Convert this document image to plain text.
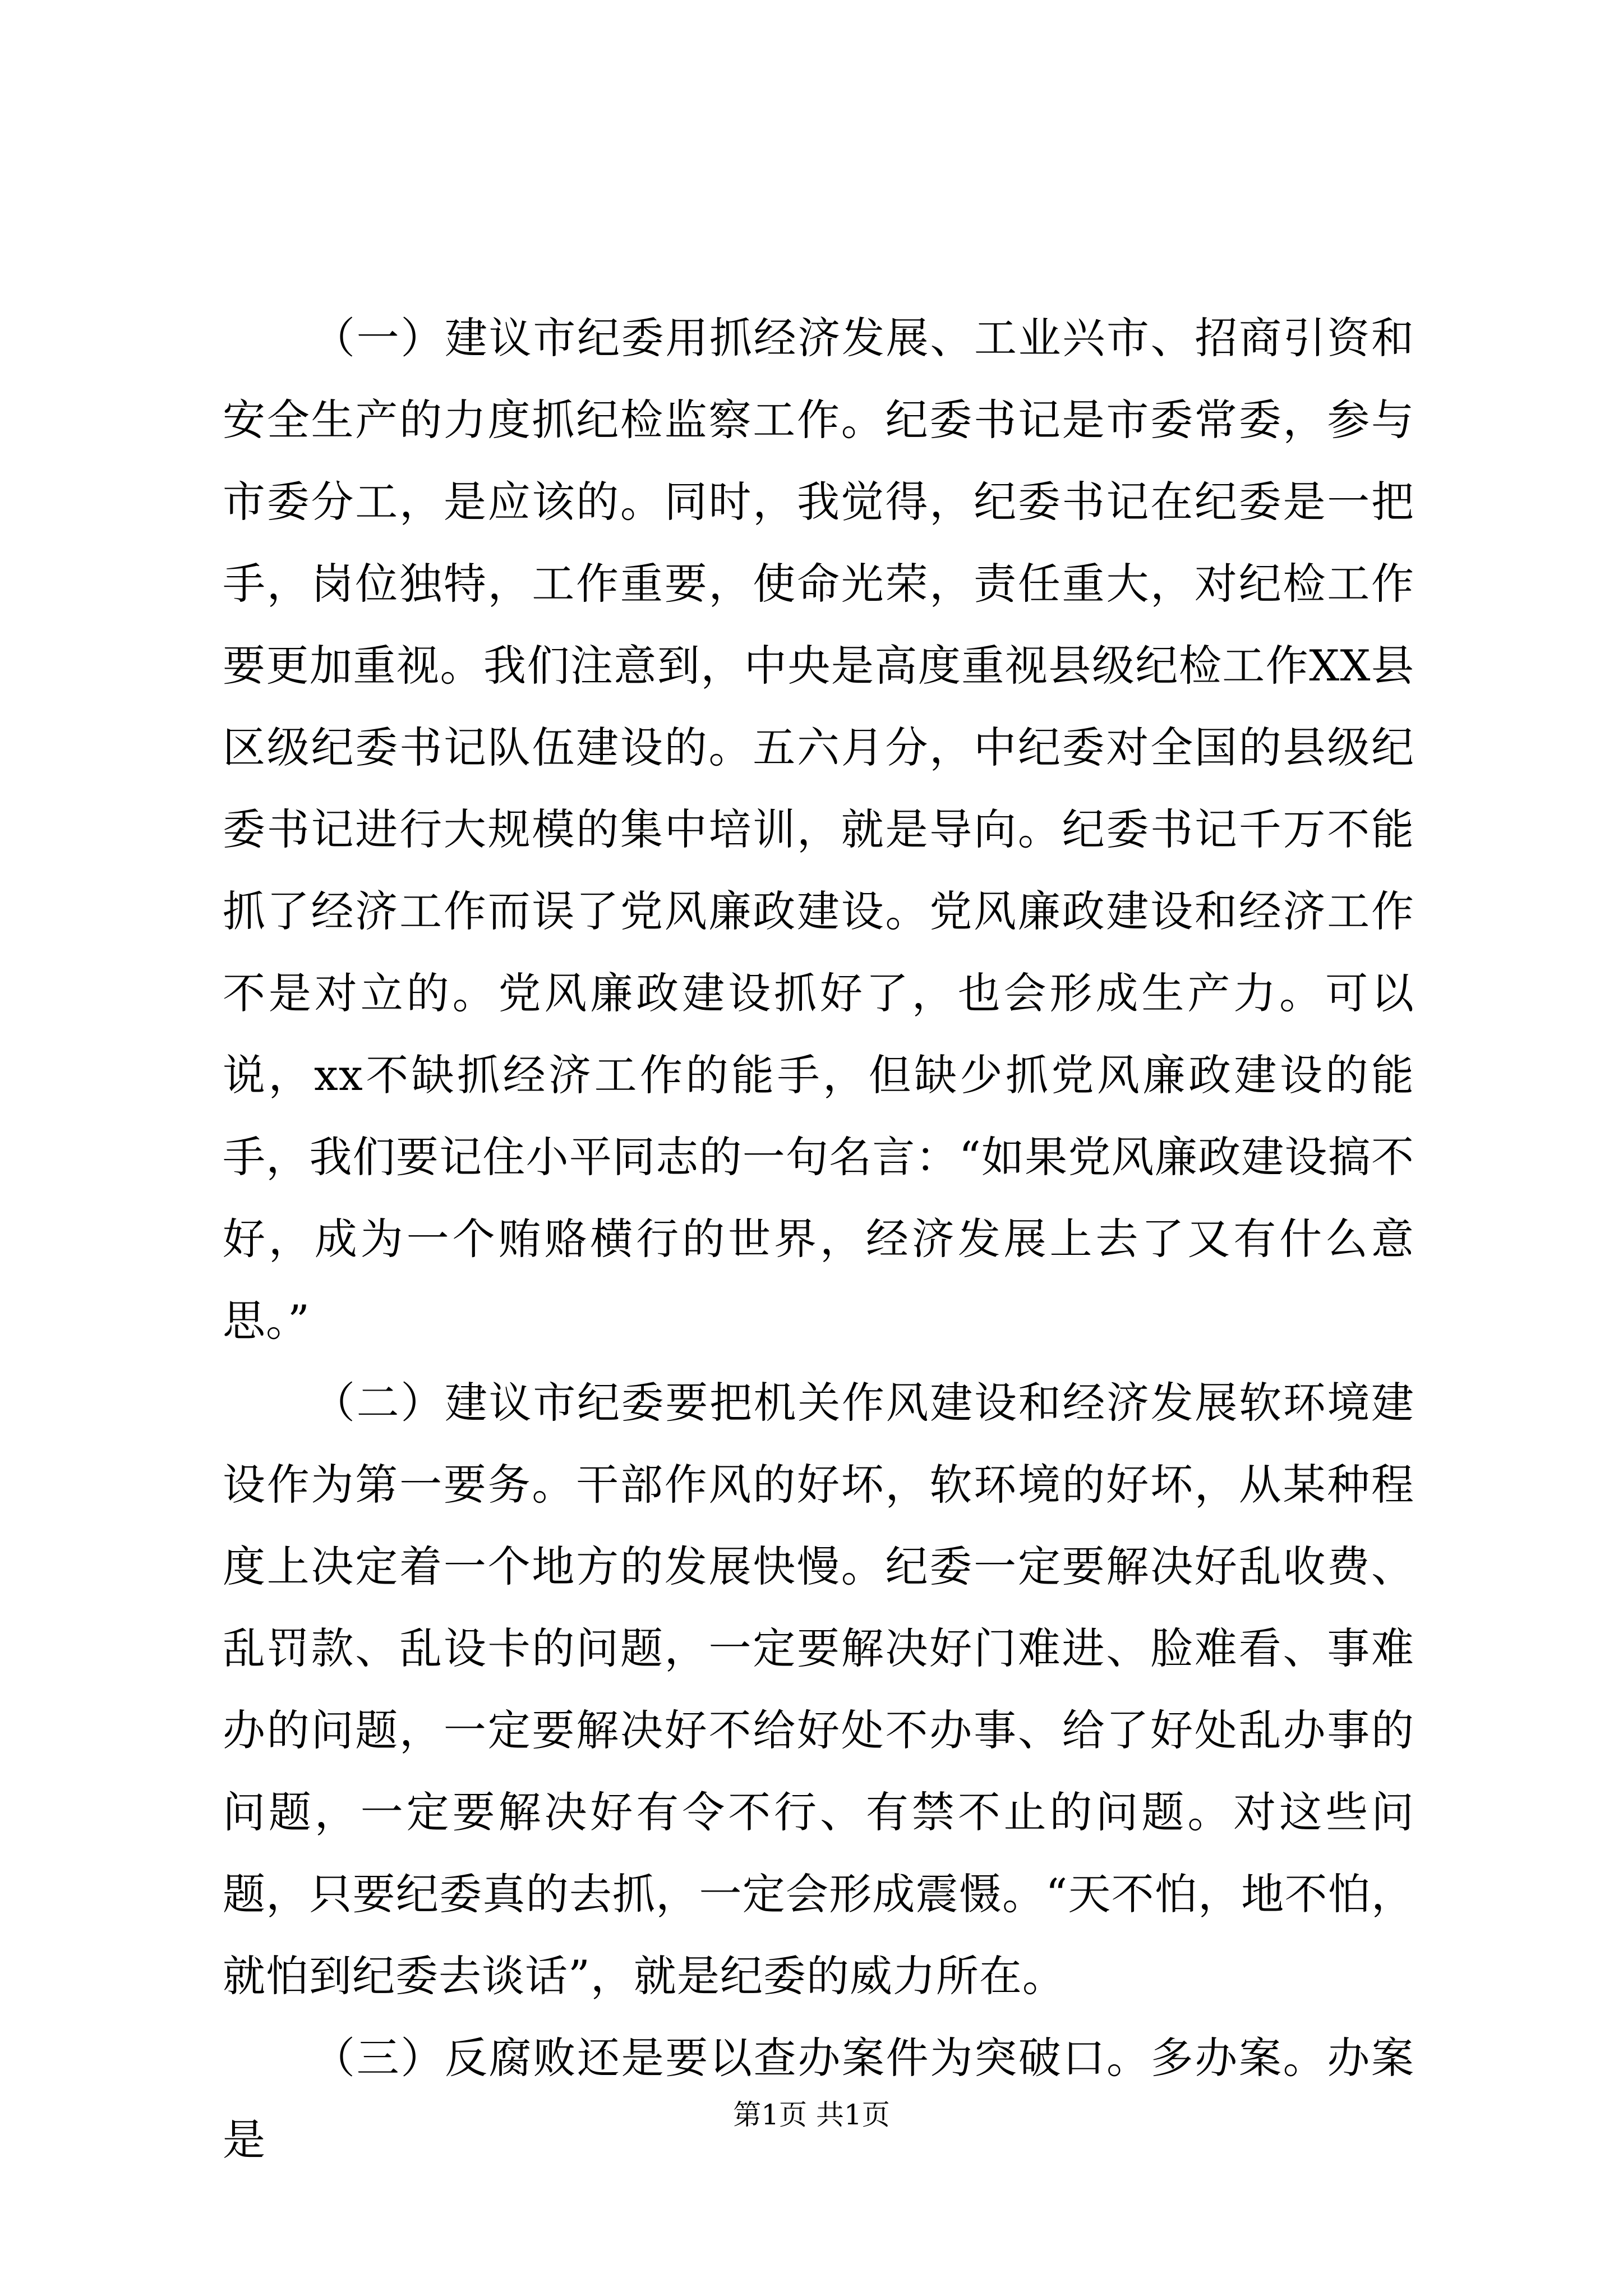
（一）建议市纪委用抓经济发展、工业兴市、招商引资和安全生产的力度抓纪检监察工作。纪委书记是市委常委，参与市委分工，是应该的。同时，我觉得，纪委书记在纪委是一把手，岗位独特，工作重要，使命光荣，责任重大，对纪检工作要更加重视。我们注意到，中央是高度重视县级纪检工作XX县区级纪委书记队伍建设的。五六月分，中纪委对全国的县级纪委书记进行大规模的集中培训，就是导向。纪委书记千万不能抓了经济工作而误了党风廉政建设。党风廉政建设和经济工作不是对立的。党风廉政建设抓好了，也会形成生产力。可以说，xx不缺抓经济工作的能手，但缺少抓党风廉政建设的能手，我们要记住小平同志的一句名言：“如果党风廉政建设搞不好，成为一个贿赂横行的世界，经济发展上去了又有什么意思。”

（二）建议市纪委要把机关作风建设和经济发展软环境建设作为第一要务。干部作风的好坏，软环境的好坏，从某种程度上决定着一个地方的发展快慢。纪委一定要解决好乱收费、乱罚款、乱设卡的问题，一定要解决好门难进、脸难看、事难办的问题，一定要解决好不给好处不办事、给了好处乱办事的问题，一定要解决好有令不行、有禁不止的问题。对这些问题，只要纪委真的去抓，一定会形成震慑。“天不怕，地不怕，就怕到纪委去谈话”，就是纪委的威力所在。

（三）反腐败还是要以查办案件为突破口。多办案。办案是	第1页 共1页
